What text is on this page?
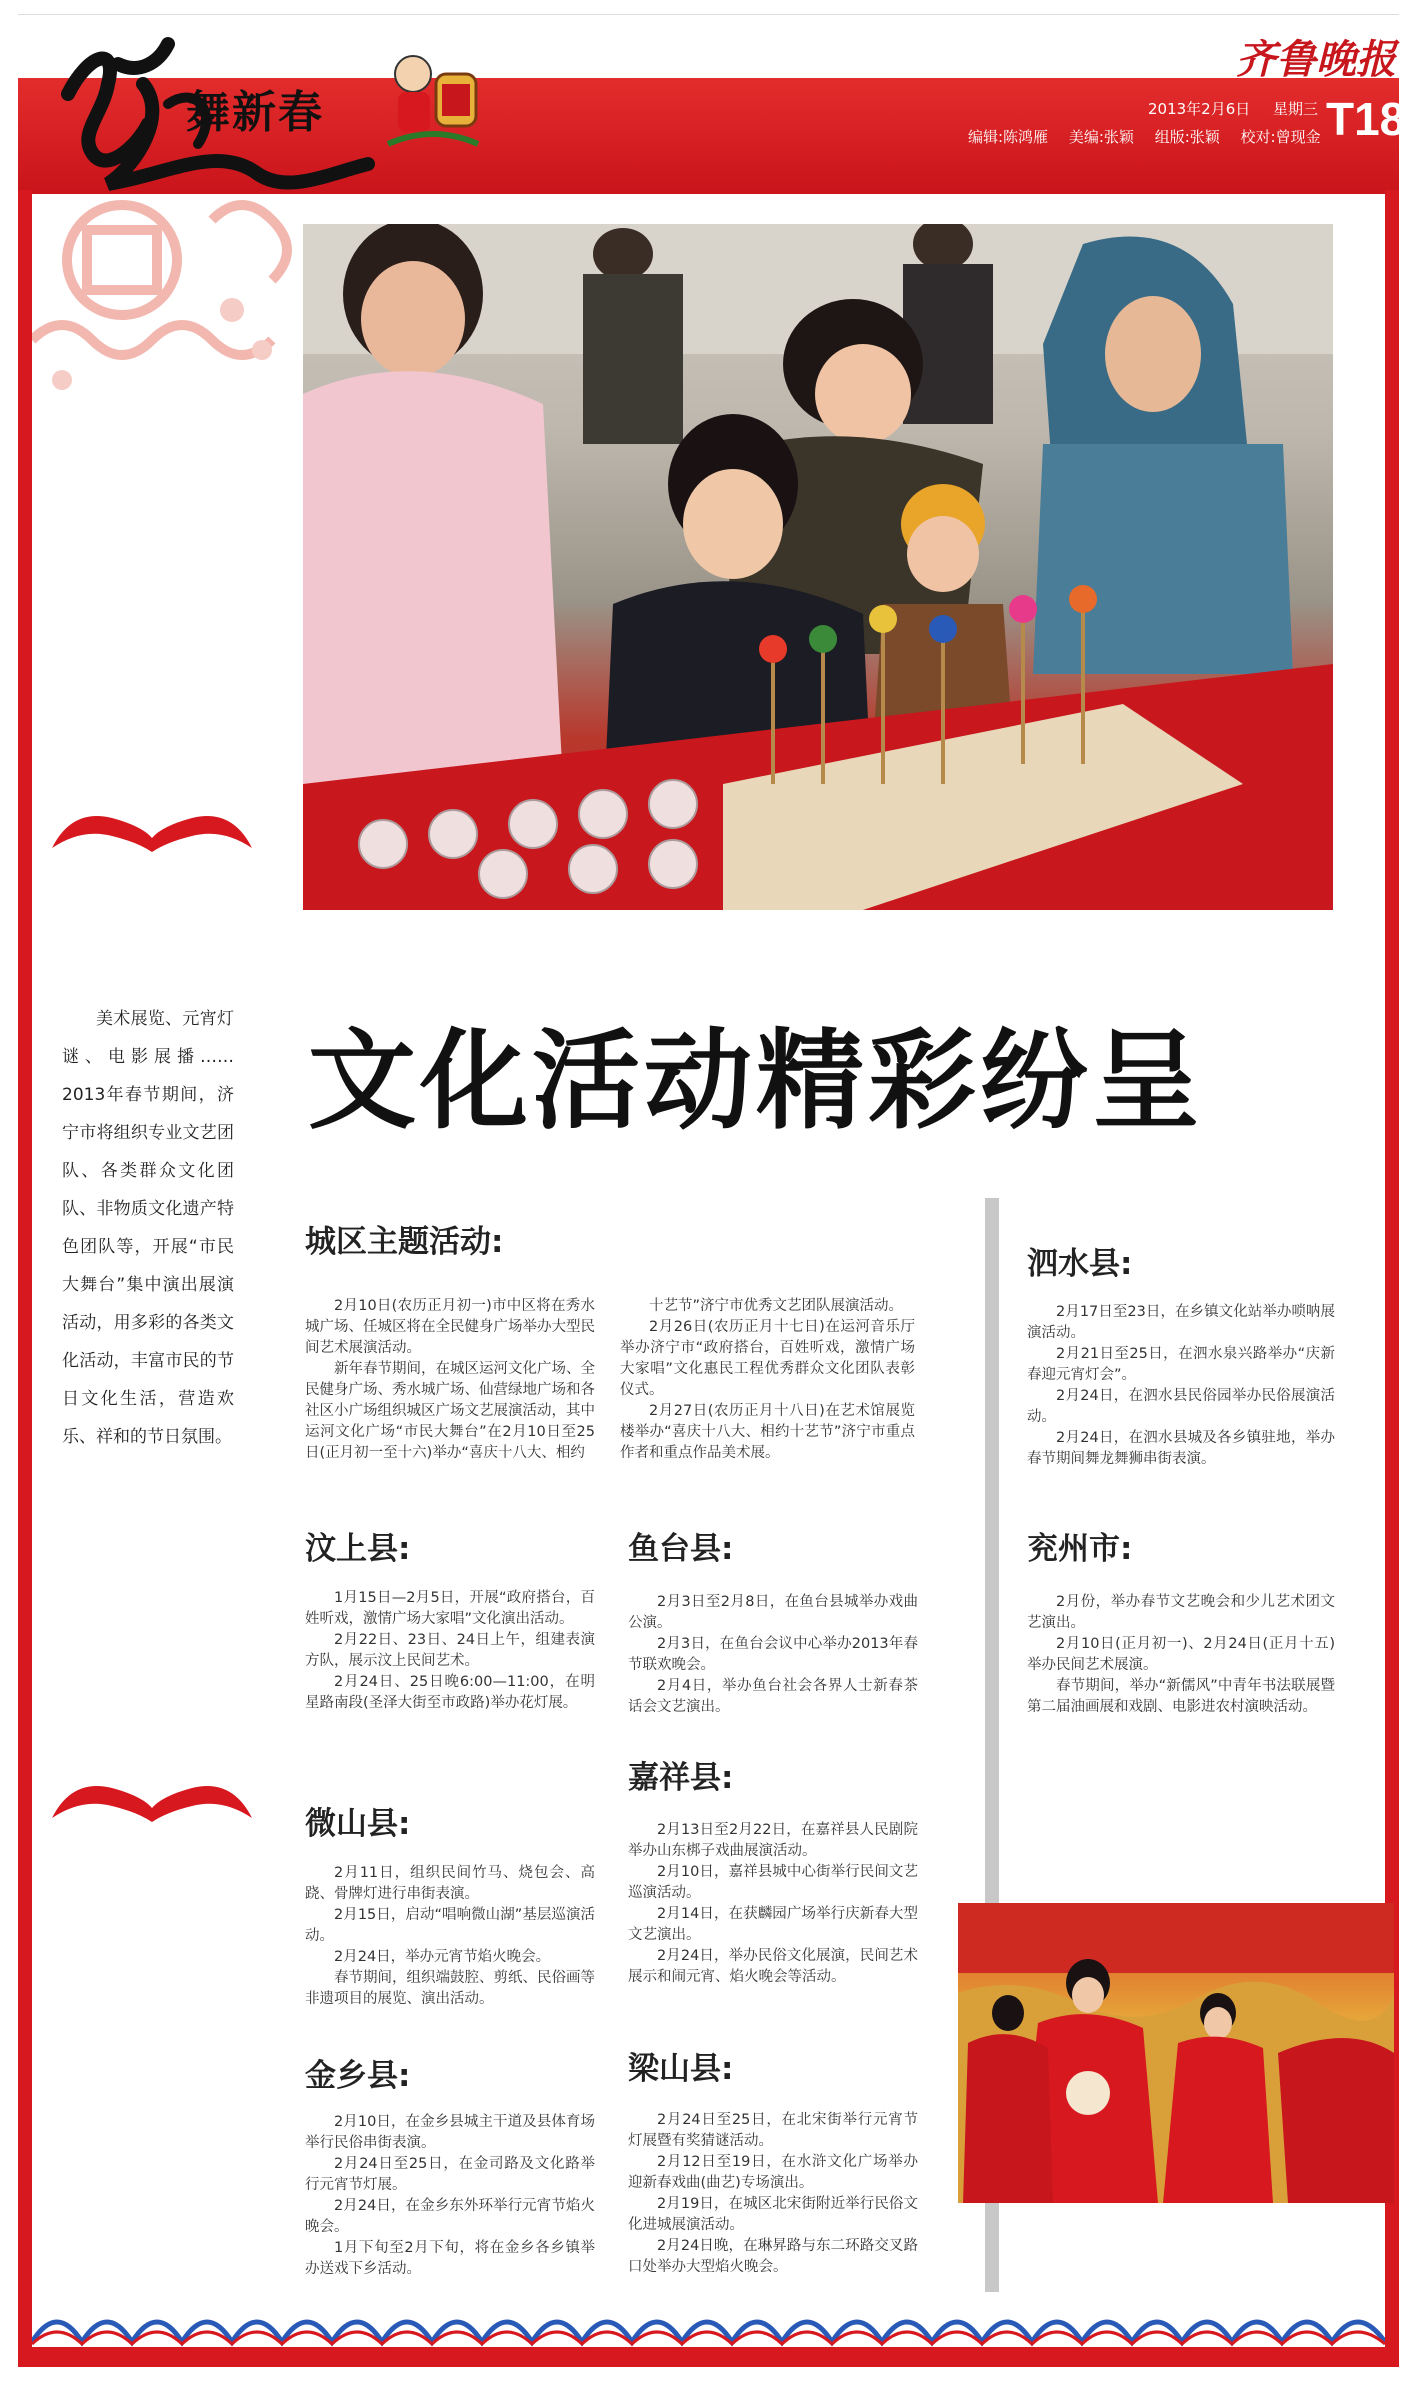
舞新春
齐鲁晚报
2013年2月6日 星期三
编辑:陈鸿雁 美编:张颖 组版:张颖 校对:曾现金 T18
美术展览、元宵灯谜、电影展播……2013年春节期间，济宁市将组织专业文艺团队、各类群众文化团队、非物质文化遗产特色团队等，开展“市民大舞台”集中演出展演活动，用多彩的各类文化活动，丰富市民的节日文化生活，营造欢乐、祥和的节日氛围。
文化活动精彩纷呈
城区主题活动:

2月10日(农历正月初一)市中区将在秀水城广场、任城区将在全民健身广场举办大型民间艺术展演活动。

新年春节期间，在城区运河文化广场、全民健身广场、秀水城广场、仙营绿地广场和各社区小广场组织城区广场文艺展演活动，其中运河文化广场“市民大舞台”在2月10日至25日(正月初一至十六)举办“喜庆十八大、相约

十艺节”济宁市优秀文艺团队展演活动。

2月26日(农历正月十七日)在运河音乐厅举办济宁市“政府搭台，百姓听戏，激情广场大家唱”文化惠民工程优秀群众文化团队表彰仪式。

2月27日(农历正月十八日)在艺术馆展览楼举办“喜庆十八大、相约十艺节”济宁市重点作者和重点作品美术展。

汶上县:

1月15日—2月5日，开展“政府搭台，百姓听戏，激情广场大家唱”文化演出活动。

2月22日、23日、24日上午，组建表演方队，展示汶上民间艺术。

2月24日、25日晚6:00—11:00，在明星路南段(圣泽大街至市政路)举办花灯展。

微山县:

2月11日，组织民间竹马、烧包会、高跷、骨牌灯进行串街表演。

2月15日，启动“唱响微山湖”基层巡演活动。

2月24日，举办元宵节焰火晚会。

春节期间，组织端鼓腔、剪纸、民俗画等非遗项目的展览、演出活动。

金乡县:

2月10日，在金乡县城主干道及县体育场举行民俗串街表演。

2月24日至25日，在金司路及文化路举行元宵节灯展。

2月24日，在金乡东外环举行元宵节焰火晚会。

1月下旬至2月下旬，将在金乡各乡镇举办送戏下乡活动。

鱼台县:

2月3日至2月8日，在鱼台县城举办戏曲公演。

2月3日，在鱼台会议中心举办2013年春节联欢晚会。

2月4日，举办鱼台社会各界人士新春茶话会文艺演出。

嘉祥县:

2月13日至2月22日，在嘉祥县人民剧院举办山东梆子戏曲展演活动。

2月10日，嘉祥县城中心街举行民间文艺巡演活动。

2月14日，在获麟园广场举行庆新春大型文艺演出。

2月24日，举办民俗文化展演，民间艺术展示和闹元宵、焰火晚会等活动。

梁山县:

2月24日至25日，在北宋街举行元宵节灯展暨有奖猜谜活动。

2月12日至19日，在水浒文化广场举办迎新春戏曲(曲艺)专场演出。

2月19日，在城区北宋街附近举行民俗文化进城展演活动。

2月24日晚，在琳昇路与东二环路交叉路口处举办大型焰火晚会。

泗水县:

2月17日至23日，在乡镇文化站举办唢呐展演活动。

2月21日至25日，在泗水泉兴路举办“庆新春迎元宵灯会”。

2月24日，在泗水县民俗园举办民俗展演活动。

2月24日，在泗水县城及各乡镇驻地，举办春节期间舞龙舞狮串街表演。

兖州市:

2月份，举办春节文艺晚会和少儿艺术团文艺演出。

2月10日(正月初一)、2月24日(正月十五)举办民间艺术展演。

春节期间，举办“新儒风”中青年书法联展暨第二届油画展和戏剧、电影进农村演映活动。
